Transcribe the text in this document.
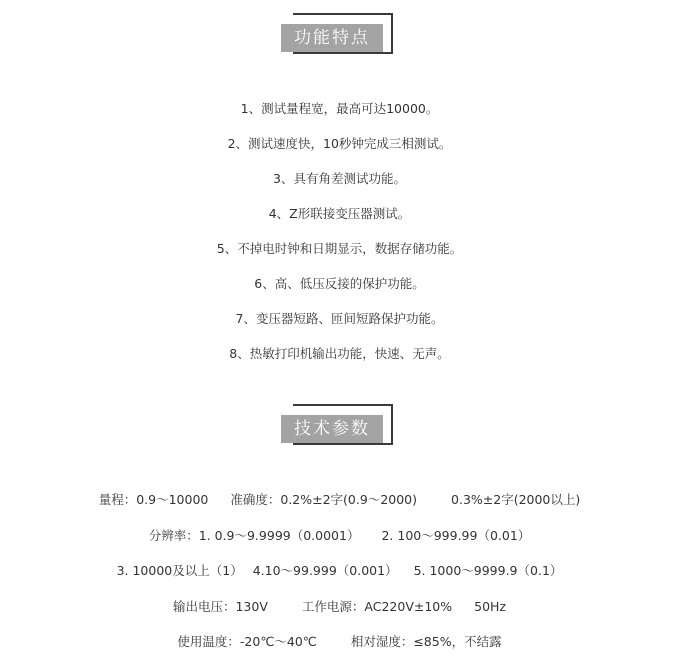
功能特点
1、测试量程宽，最高可达10000。
2、测试速度快，10秒钟完成三相测试。
3、具有角差测试功能。
4、Z形联接变压器测试。
5、不掉电时钟和日期显示，数据存储功能。
6、高、低压反接的保护功能。
7、变压器短路、匝间短路保护功能。
8、热敏打印机输出功能，快速、无声。
技术参数
量程：0.9～10000 准确度：0.2%±2字(0.9～2000)	0.3%±2字(2000以上)
分辨率：1. 0.9～9.9999（0.0001） 2. 100～999.99（0.01）
3. 10000及以上（1） 4.10～99.999（0.001） 5. 1000～9999.9（0.1）
输出电压：130V	工作电源：AC220V±10% 50Hz
使用温度：-20℃～40℃	相对湿度：≤85%，不结露
